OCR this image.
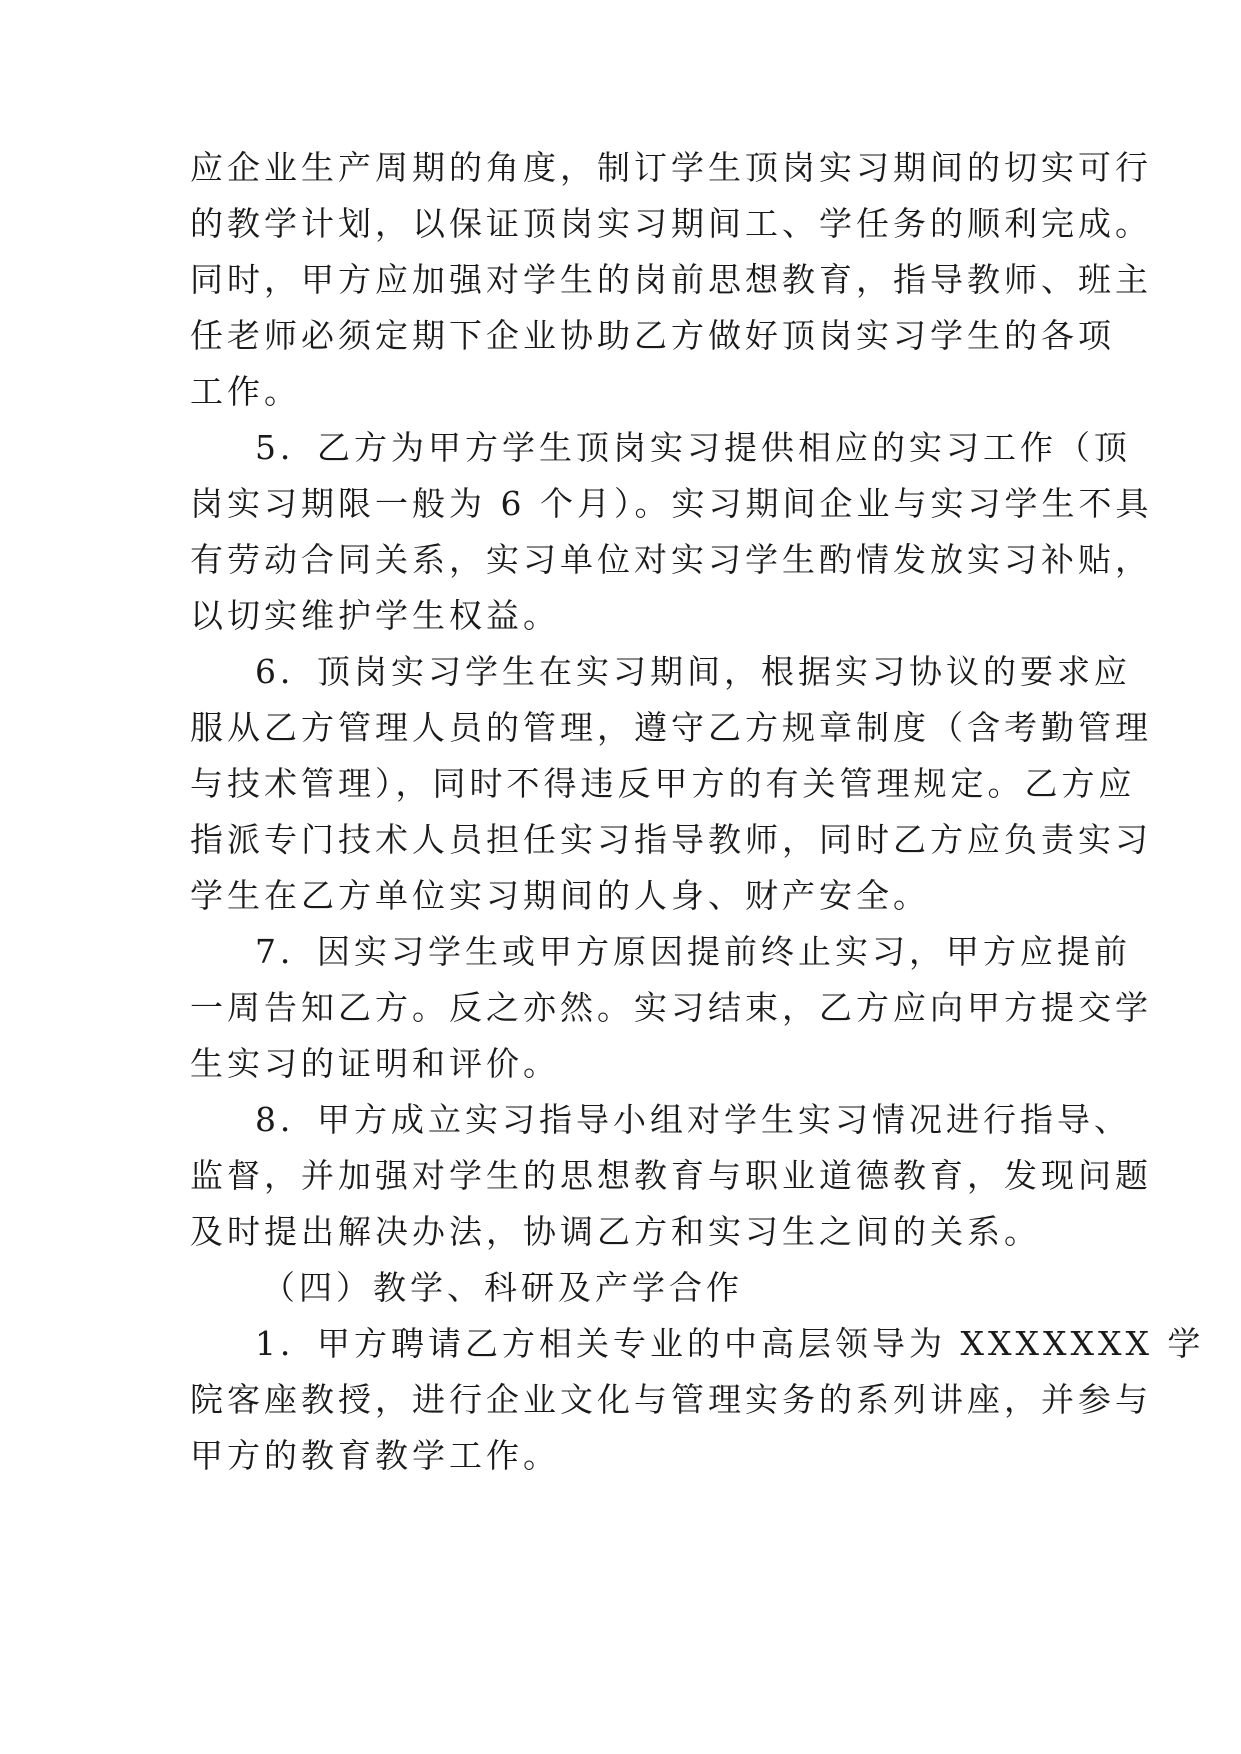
应企业生产周期的角度，制订学生顶岗实习期间的切实可行
的教学计划，以保证顶岗实习期间工、学任务的顺利完成。
同时，甲方应加强对学生的岗前思想教育，指导教师、班主
任老师必须定期下企业协助乙方做好顶岗实习学生的各项
工作。
5．乙方为甲方学生顶岗实习提供相应的实习工作（顶
岗实习期限一般为 6 个月）。实习期间企业与实习学生不具
有劳动合同关系，实习单位对实习学生酌情发放实习补贴，
以切实维护学生权益。
6．顶岗实习学生在实习期间，根据实习协议的要求应
服从乙方管理人员的管理，遵守乙方规章制度（含考勤管理
与技术管理），同时不得违反甲方的有关管理规定。乙方应
指派专门技术人员担任实习指导教师，同时乙方应负责实习
学生在乙方单位实习期间的人身、财产安全。
7．因实习学生或甲方原因提前终止实习，甲方应提前
一周告知乙方。反之亦然。实习结束，乙方应向甲方提交学
生实习的证明和评价。
8．甲方成立实习指导小组对学生实习情况进行指导、
监督，并加强对学生的思想教育与职业道德教育，发现问题
及时提出解决办法，协调乙方和实习生之间的关系。
（四）教学、科研及产学合作
1．甲方聘请乙方相关专业的中高层领导为 XXXXXXX 学
院客座教授，进行企业文化与管理实务的系列讲座，并参与
甲方的教育教学工作。
